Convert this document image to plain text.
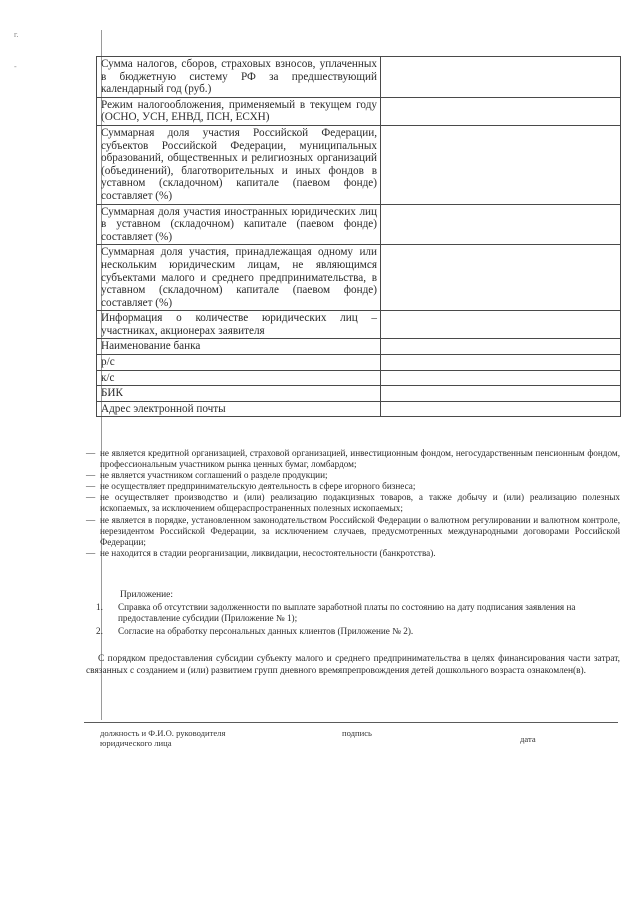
г.
-	Сумма налогов, сборов, страховых взносов, уплаченных в бюджетную систему РФ за предшествующий календарный год (руб.)	
Режим налогообложения, применяемый в текущем году (ОСНО, УСН, ЕНВД, ПСН, ЕСХН)	
Суммарная доля участия Российской Федерации, субъектов Российской Федерации, муниципальных образований, общественных и религиозных организаций (объединений), благотворительных и иных фондов в уставном (складочном) капитале (паевом фонде) составляет (%)	
Суммарная доля участия иностранных юридических лиц в уставном (складочном) капитале (паевом фонде) составляет (%)	
Суммарная доля участия, принадлежащая одному или нескольким юридическим лицам, не являющимся субъектами малого и среднего предпринимательства, в уставном (складочном) капитале (паевом фонде) составляет (%)	
Информация о количестве юридических лиц –участниках, акционерах заявителя	
Наименование банка	
р/с	
к/с	
БИК	
Адрес электронной почты	
— не является кредитной организацией, страховой организацией, инвестиционным фондом, негосударственным пенсионным фондом, профессиональным участником рынка ценных бумаг, ломбардом;
— не является участником соглашений о разделе продукции;
— не осуществляет предпринимательскую деятельность в сфере игорного бизнеса;
— не осуществляет производство и (или) реализацию подакцизных товаров, а также добычу и (или) реализацию полезных ископаемых, за исключением общераспространенных полезных ископаемых;
— не является в порядке, установленном законодательством Российской Федерации о валютном регулировании и валютном контроле, нерезидентом Российской Федерации, за исключением случаев, предусмотренных международными договорами Российской Федерации;
— не находится в стадии реорганизации, ликвидации, несостоятельности (банкротства).
Приложение:
1.	Справка об отсутствии задолженности по выплате заработной платы по состоянию на дату подписания заявления на предоставление субсидии (Приложение № 1);
2.	Согласие на обработку персональных данных клиентов (Приложение № 2).
С порядком предоставления субсидии субъекту малого и среднего предпринимательства в целях финансирования части затрат, связанных с созданием и (или) развитием групп дневного времяпрепровождения детей дошкольного возраста ознакомлен(в).
должность и Ф.И.О. руководителя юридического лица
подпись
дата
